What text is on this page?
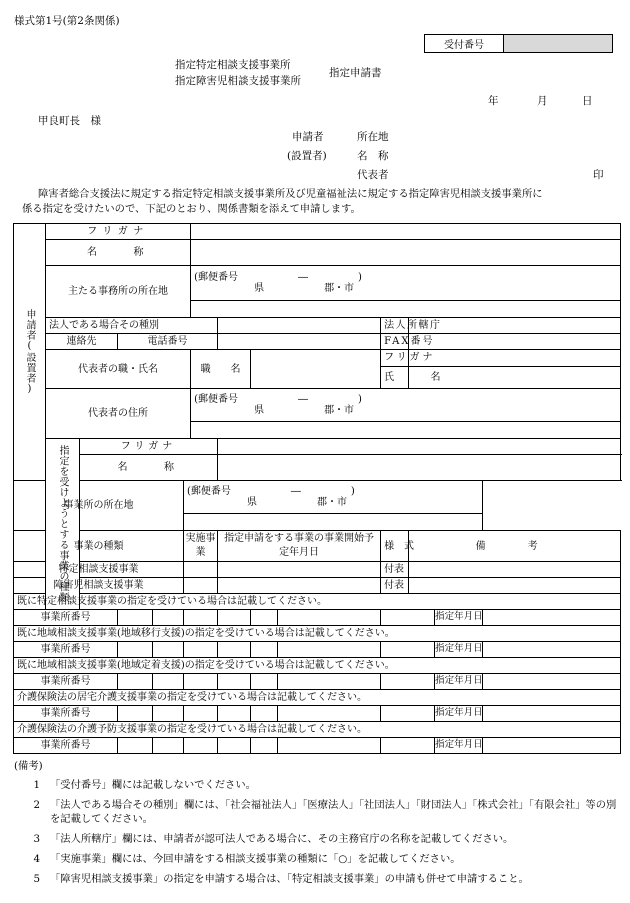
様式第1号(第2条関係)
受付番号
指定特定相談支援事業所
指定障害児相談支援事業所
指定申請書
年	月	日
甲良町長　様
申請者	所在地
(設置者)	名　称
代表者	印
障害者総合支援法に規定する指定特定相談支援事業所及び児童福祉法に規定する指定障害児相談支援事業所に
係る指定を受けたいので、下記のとおり、関係書類を添えて申請します。
申請者(設置者)	フリガナ												
	名　　称												
	主たる事務所の所在地					(郵便番号 ― )
県 郡・市							

	法人である場合その種別									法人所轄庁			
	連絡先		電話番号							FAX番号			
	代表者の職・氏名					職　　名				フリガナ			
										氏　　名			
	代表者の住所					(郵便番号 ― )
県 郡・市							

	指定を受けようとする事業の種類	フリガナ											
		名　　称											
事業所の所在地					(郵便番号 ― )
県 郡・市								

事業の種類					実施事業		指定申請をする事業の事業開始予定年月日			様　式	備　考		
特定相談支援事業										付表			
障害児相談支援事業										付表			
既に特定相談支援事業の指定を受けている場合は記載してください。													
事業所番号												指定年月日	
既に地域相談支援事業(地域移行支援)の指定を受けている場合は記載してください。													
事業所番号												指定年月日	
既に地域相談支援事業(地域定着支援)の指定を受けている場合は記載してください。													
事業所番号												指定年月日	
介護保険法の居宅介護支援事業の指定を受けている場合は記載してください。													
事業所番号												指定年月日	
介護保険法の介護予防支援事業の指定を受けている場合は記載してください。													
事業所番号												指定年月日	
(備考)
1 「受付番号」欄には記載しないでください。
2 「法人である場合その種別」欄には、「社会福祉法人」「医療法人」「社団法人」「財団法人」「株式会社」「有限会社」等の別を記載してください。
3 「法人所轄庁」欄には、申請者が認可法人である場合に、その主務官庁の名称を記載してください。
4 「実施事業」欄には、今回申請をする相談支援事業の種類に「○」を記載してください。
5 「障害児相談支援事業」の指定を申請する場合は、「特定相談支援事業」の申請も併せて申請すること。
